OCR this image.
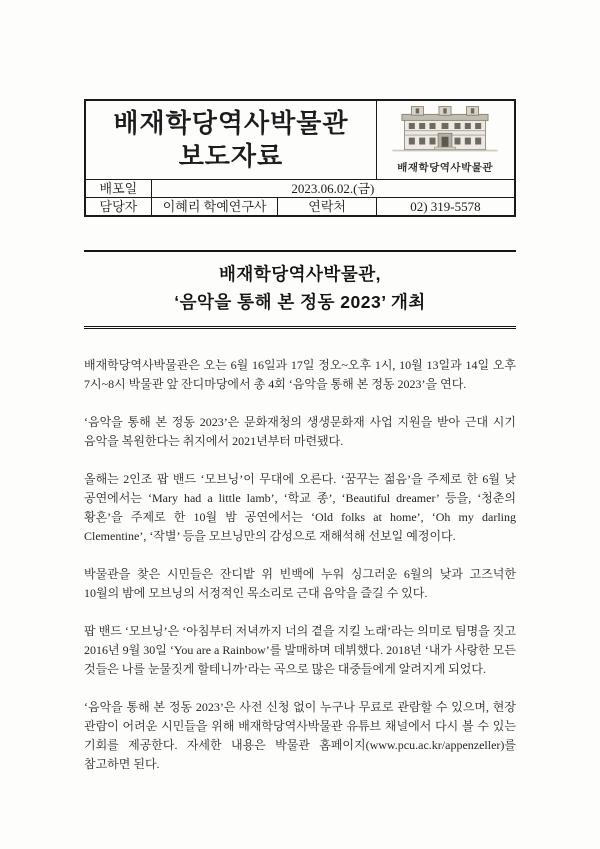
배재학당역사박물관
보도자료			배재학당역사박물관

배포일	2023.06.02.(금)		
담당자	이혜리 학예연구사	연락처	02) 319-5578
배재학당역사박물관,
‘음악을 통해 본 정동 2023’ 개최

배재학당역사박물관은 오는 6월 16일과 17일 정오~오후 1시, 10월 13일과 14일 오후 7시~8시 박물관 앞 잔디마당에서 총 4회 ‘음악을 통해 본 정동 2023’을 연다.

‘음악을 통해 본 정동 2023’은 문화재청의 생생문화재 사업 지원을 받아 근대 시기 음악을 복원한다는 취지에서 2021년부터 마련됐다.

올해는 2인조 팝 밴드 ‘모브닝’이 무대에 오른다. ‘꿈꾸는 젊음’을 주제로 한 6월 낮 공연에서는 ‘Mary had a little lamb’, ‘학교 종’, ‘Beautiful dreamer’ 등을, ‘청춘의 황혼’을 주제로 한 10월 밤 공연에서는 ‘Old folks at home’, ‘Oh my darling Clementine’, ‘작별’ 등을 모브닝만의 감성으로 재해석해 선보일 예정이다.

박물관을 찾은 시민들은 잔디밭 위 빈백에 누워 싱그러운 6월의 낮과 고즈넉한 10월의 밤에 모브닝의 서정적인 목소리로 근대 음악을 즐길 수 있다.

팝 밴드 ‘모브닝’은 ‘아침부터 저녁까지 너의 곁을 지킬 노래’라는 의미로 팀명을 짓고 2016년 9월 30일 ‘You are a Rainbow’를 발매하며 데뷔했다. 2018년 ‘내가 사랑한 모든 것들은 나를 눈물짓게 할테니까’라는 곡으로 많은 대중들에게 알려지게 되었다.

‘음악을 통해 본 정동 2023’은 사전 신청 없이 누구나 무료로 관람할 수 있으며, 현장 관람이 어려운 시민들을 위해 배재학당역사박물관 유튜브 채널에서 다시 볼 수 있는 기회를 제공한다. 자세한 내용은 박물관 홈페이지(www.pcu.ac.kr/appenzeller)를 참고하면 된다.
